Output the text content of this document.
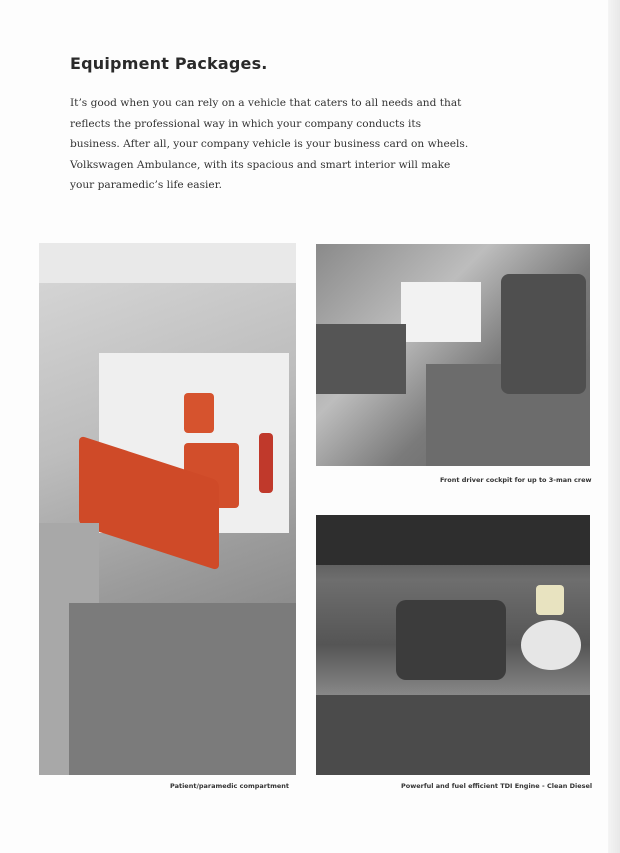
Equipment Packages.

It’s good when you can rely on a vehicle that caters to all needs and that reflects the professional way in which your company conducts its business. After all, your company vehicle is your business card on wheels. Volkswagen Ambulance, with its spacious and smart interior will make your paramedic’s life easier.

Patient/paramedic compartment
Front driver cockpit for up to 3-man crew
Powerful and fuel efficient TDI Engine - Clean Diesel
